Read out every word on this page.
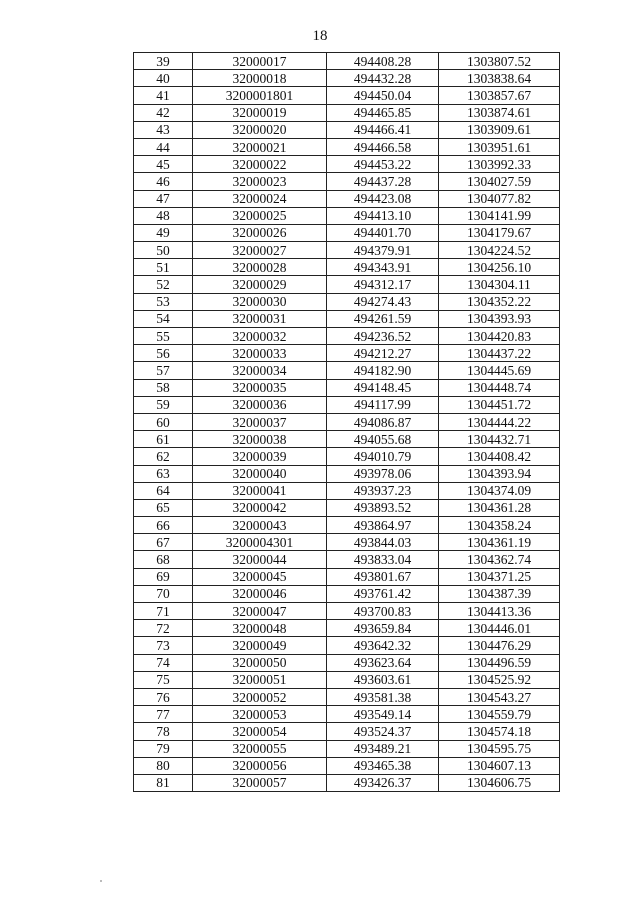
18
39	32000017	494408.28	1303807.52
40	32000018	494432.28	1303838.64
41	3200001801	494450.04	1303857.67
42	32000019	494465.85	1303874.61
43	32000020	494466.41	1303909.61
44	32000021	494466.58	1303951.61
45	32000022	494453.22	1303992.33
46	32000023	494437.28	1304027.59
47	32000024	494423.08	1304077.82
48	32000025	494413.10	1304141.99
49	32000026	494401.70	1304179.67
50	32000027	494379.91	1304224.52
51	32000028	494343.91	1304256.10
52	32000029	494312.17	1304304.11
53	32000030	494274.43	1304352.22
54	32000031	494261.59	1304393.93
55	32000032	494236.52	1304420.83
56	32000033	494212.27	1304437.22
57	32000034	494182.90	1304445.69
58	32000035	494148.45	1304448.74
59	32000036	494117.99	1304451.72
60	32000037	494086.87	1304444.22
61	32000038	494055.68	1304432.71
62	32000039	494010.79	1304408.42
63	32000040	493978.06	1304393.94
64	32000041	493937.23	1304374.09
65	32000042	493893.52	1304361.28
66	32000043	493864.97	1304358.24
67	3200004301	493844.03	1304361.19
68	32000044	493833.04	1304362.74
69	32000045	493801.67	1304371.25
70	32000046	493761.42	1304387.39
71	32000047	493700.83	1304413.36
72	32000048	493659.84	1304446.01
73	32000049	493642.32	1304476.29
74	32000050	493623.64	1304496.59
75	32000051	493603.61	1304525.92
76	32000052	493581.38	1304543.27
77	32000053	493549.14	1304559.79
78	32000054	493524.37	1304574.18
79	32000055	493489.21	1304595.75
80	32000056	493465.38	1304607.13
81	32000057	493426.37	1304606.75
